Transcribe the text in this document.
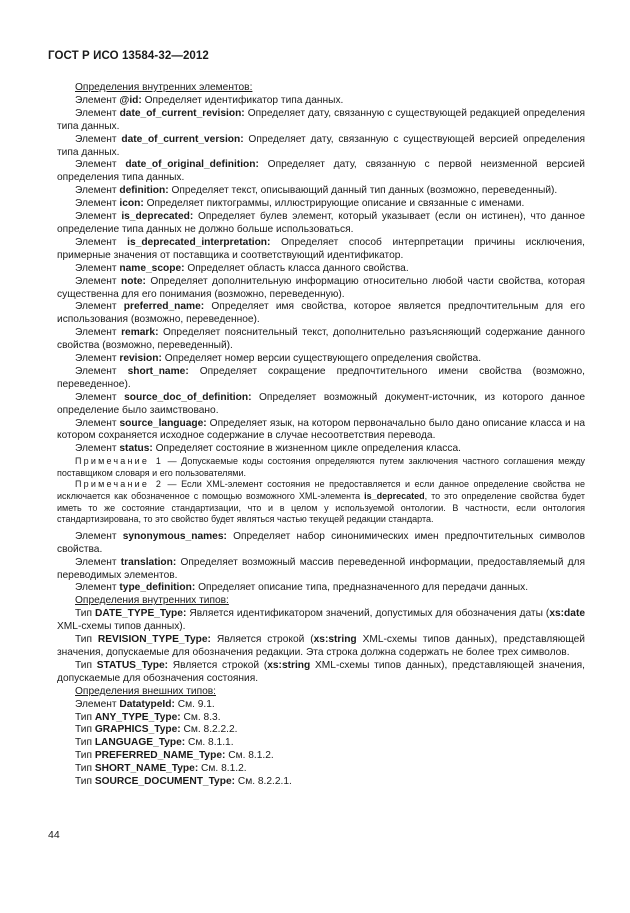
ГОСТ Р ИСО 13584-32—2012

Определения внутренних элементов:

Элемент @id: Определяет идентификатор типа данных.

Элемент date_of_current_revision: Определяет дату, связанную с существующей редакцией определения типа данных.

Элемент date_of_current_version: Определяет дату, связанную с существующей версией определения типа данных.

Элемент date_of_original_definition: Определяет дату, связанную с первой неизменной версией определения типа данных.

Элемент definition: Определяет текст, описывающий данный тип данных (возможно, переведенный).

Элемент icon: Определяет пиктограммы, иллюстрирующие описание и связанные с именами.

Элемент is_deprecated: Определяет булев элемент, который указывает (если он истинен), что данное определение типа данных не должно больше использоваться.

Элемент is_deprecated_interpretation: Определяет способ интерпретации причины исключения, примерные значения от поставщика и соответствующий идентификатор.

Элемент name_scope: Определяет область класса данного свойства.

Элемент note: Определяет дополнительную информацию относительно любой части свойства, которая существенна для его понимания (возможно, переведенную).

Элемент preferred_name: Определяет имя свойства, которое является предпочтительным для его использования (возможно, переведенное).

Элемент remark: Определяет пояснительный текст, дополнительно разъясняющий содержание данного свойства (возможно, переведенный).

Элемент revision: Определяет номер версии существующего определения свойства.

Элемент short_name: Определяет сокращение предпочтительного имени свойства (возможно, переведенное).

Элемент source_doc_of_definition: Определяет возможный документ-источник, из которого данное определение было заимствовано.

Элемент source_language: Определяет язык, на котором первоначально было дано описание класса и на котором сохраняется исходное содержание в случае несоответствия перевода.

Элемент status: Определяет состояние в жизненном цикле определения класса.

Примечание 1 — Допускаемые коды состояния определяются путем заключения частного соглашения между поставщиком словаря и его пользователями.
Примечание 2 — Если XML-элемент состояния не предоставляется и если данное определение свойства не исключается как обозначенное с помощью возможного XML-элемента is_deprecated, то это определение свойства будет иметь то же состояние стандартизации, что и в целом у используемой онтологии. В частности, если онтология стандартизирована, то это свойство будет являться частью текущей редакции стандарта.

Элемент synonymous_names: Определяет набор синонимических имен предпочтительных символов свойства.

Элемент translation: Определяет возможный массив переведенной информации, предоставляемый для переводимых элементов.

Элемент type_definition: Определяет описание типа, предназначенного для передачи данных.

Определения внутренних типов:

Тип DATE_TYPE_Type: Является идентификатором значений, допустимых для обозначения даты (xs:date XML-схемы типов данных).

Тип REVISION_TYPE_Type: Является строкой (xs:string XML-схемы типов данных), представляющей значения, допускаемые для обозначения редакции. Эта строка должна содержать не более трех символов.

Тип STATUS_Type: Является строкой (xs:string XML-схемы типов данных), представляющей значения, допускаемые для обозначения состояния.

Определения внешних типов:

Элемент DatatypeId: См. 9.1.

Тип ANY_TYPE_Type: См. 8.3.

Тип GRAPHICS_Type: См. 8.2.2.2.

Тип LANGUAGE_Type: См. 8.1.1.

Тип PREFERRED_NAME_Type: См. 8.1.2.

Тип SHORT_NAME_Type: См. 8.1.2.

Тип SOURCE_DOCUMENT_Type: См. 8.2.2.1.

44
